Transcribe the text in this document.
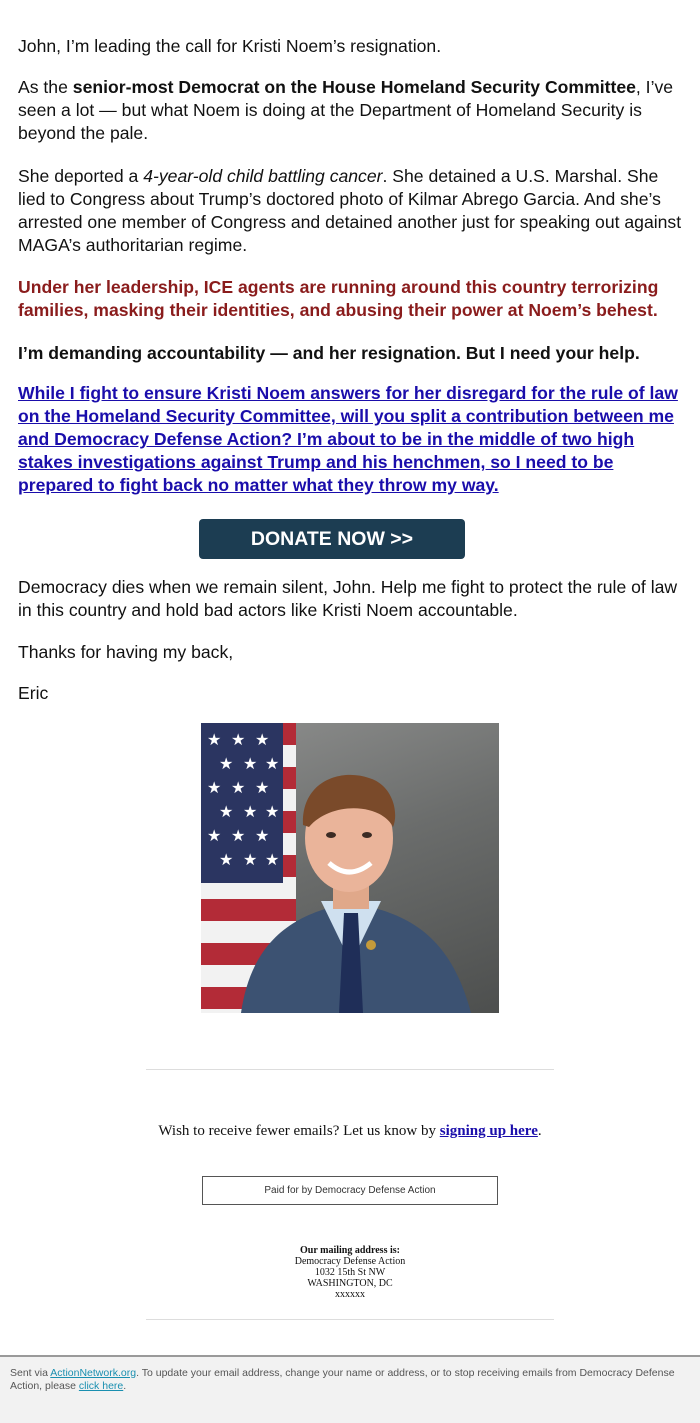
John, I’m leading the call for Kristi Noem’s resignation.

As the senior-most Democrat on the House Homeland Security Committee, I’ve seen a lot — but what Noem is doing at the Department of Homeland Security is beyond the pale.

She deported a 4-year-old child battling cancer. She detained a U.S. Marshal. She lied to Congress about Trump’s doctored photo of Kilmar Abrego Garcia. And she’s arrested one member of Congress and detained another just for speaking out against MAGA’s authoritarian regime.

Under her leadership, ICE agents are running around this country terrorizing families, masking their identities, and abusing their power at Noem’s behest.

I’m demanding accountability — and her resignation. But I need your help.

While I fight to ensure Kristi Noem answers for her disregard for the rule of law on the Homeland Security Committee, will you split a contribution between me and Democracy Defense Action? I’m about to be in the middle of two high stakes investigations against Trump and his henchmen, so I need to be prepared to fight back no matter what they throw my way.

DONATE NOW >>

Democracy dies when we remain silent, John. Help me fight to protect the rule of law in this country and hold bad actors like Kristi Noem accountable.

Thanks for having my back,

Eric

★ ★ ★
★ ★ ★
★ ★ ★
★ ★ ★
★ ★ ★
★ ★ ★
Wish to receive fewer emails? Let us know by signing up here.
Paid for by Democracy Defense Action
Our mailing address is:
Democracy Defense Action
1032 15th St NW
WASHINGTON, DC
xxxxxx
Sent via ActionNetwork.org. To update your email address, change your name or address, or to stop receiving emails from Democracy Defense Action, please click here.
